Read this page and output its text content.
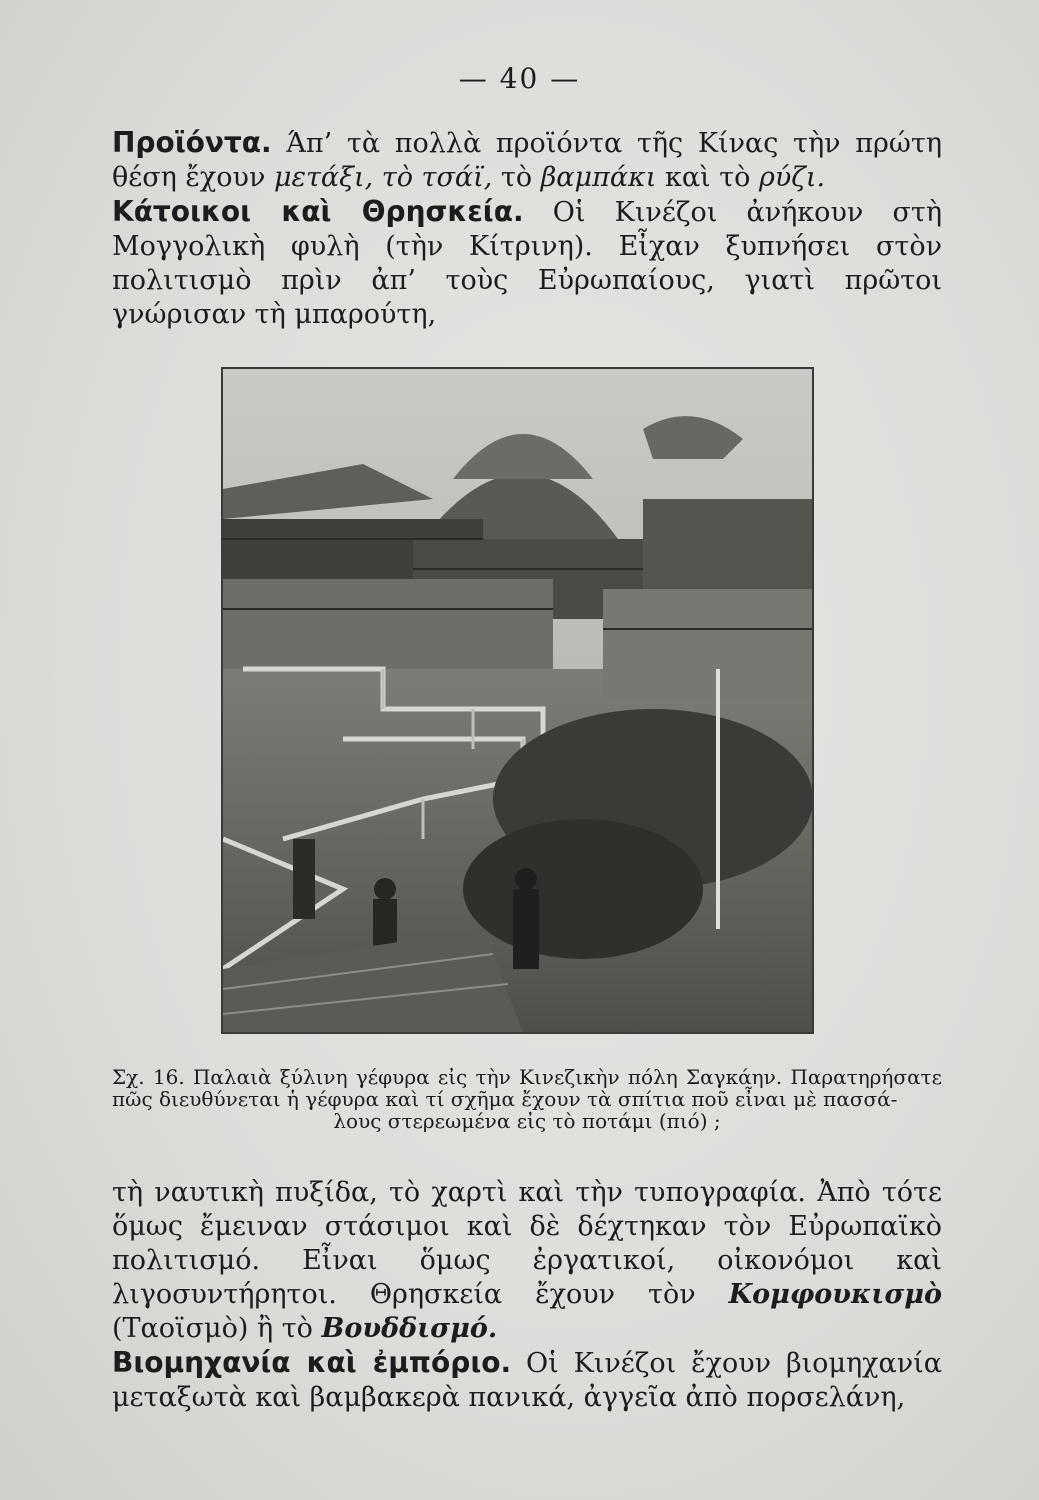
— 40 —
Προϊόντα. Άπ’ τὰ πολλὰ προϊόντα τῆς Κίνας τὴν πρώτη θέση ἔχουν μετάξι, τὸ τσάϊ, τὸ βαμπάκι καὶ τὸ ρύζι.
Κάτοικοι καὶ Θρησκεία. Οἱ Κινέζοι ἀνήκουν στὴ Μογγολικὴ φυλὴ (τὴν Κίτρινη). Εἶχαν ξυπνήσει στὸν πολιτισμὸ πρὶν ἀπ’ τοὺς Εὐρωπαίους, γιατὶ πρῶτοι γνώρισαν τὴ μπαρούτη,
Σχ. 16. Παλαιὰ ξύλινη γέφυρα εἰς τὴν Κινεζικὴν πόλη Σαγκάην. Παρατηρήσατε πῶς διευθύνεται ἡ γέφυρα καὶ τί σχῆμα ἔχουν τὰ σπίτια ποῦ εἶναι μὲ πασσά-
λους στερεωμένα εἰς τὸ ποτάμι (πιό) ;
τὴ ναυτικὴ πυξίδα, τὸ χαρτὶ καὶ τὴν τυπογραφία. Ἀπὸ τότε ὅμως ἔμειναν στάσιμοι καὶ δὲ δέχτηκαν τὸν Εὐρωπαϊκὸ πολιτισμό. Εἶναι ὅμως ἐργατικοί, οἰκονόμοι καὶ λιγοσυντήρητοι. Θρησκεία ἔχουν τὸν Κομφουκισμὸ (Ταοϊσμὸ) ἢ τὸ Βουδδισμό.
Βιομηχανία καὶ ἐμπόριο. Οἱ Κινέζοι ἔχουν βιομηχανία μεταξωτὰ καὶ βαμβακερὰ πανικά, ἀγγεῖα ἀπὸ πορσελάνη,
